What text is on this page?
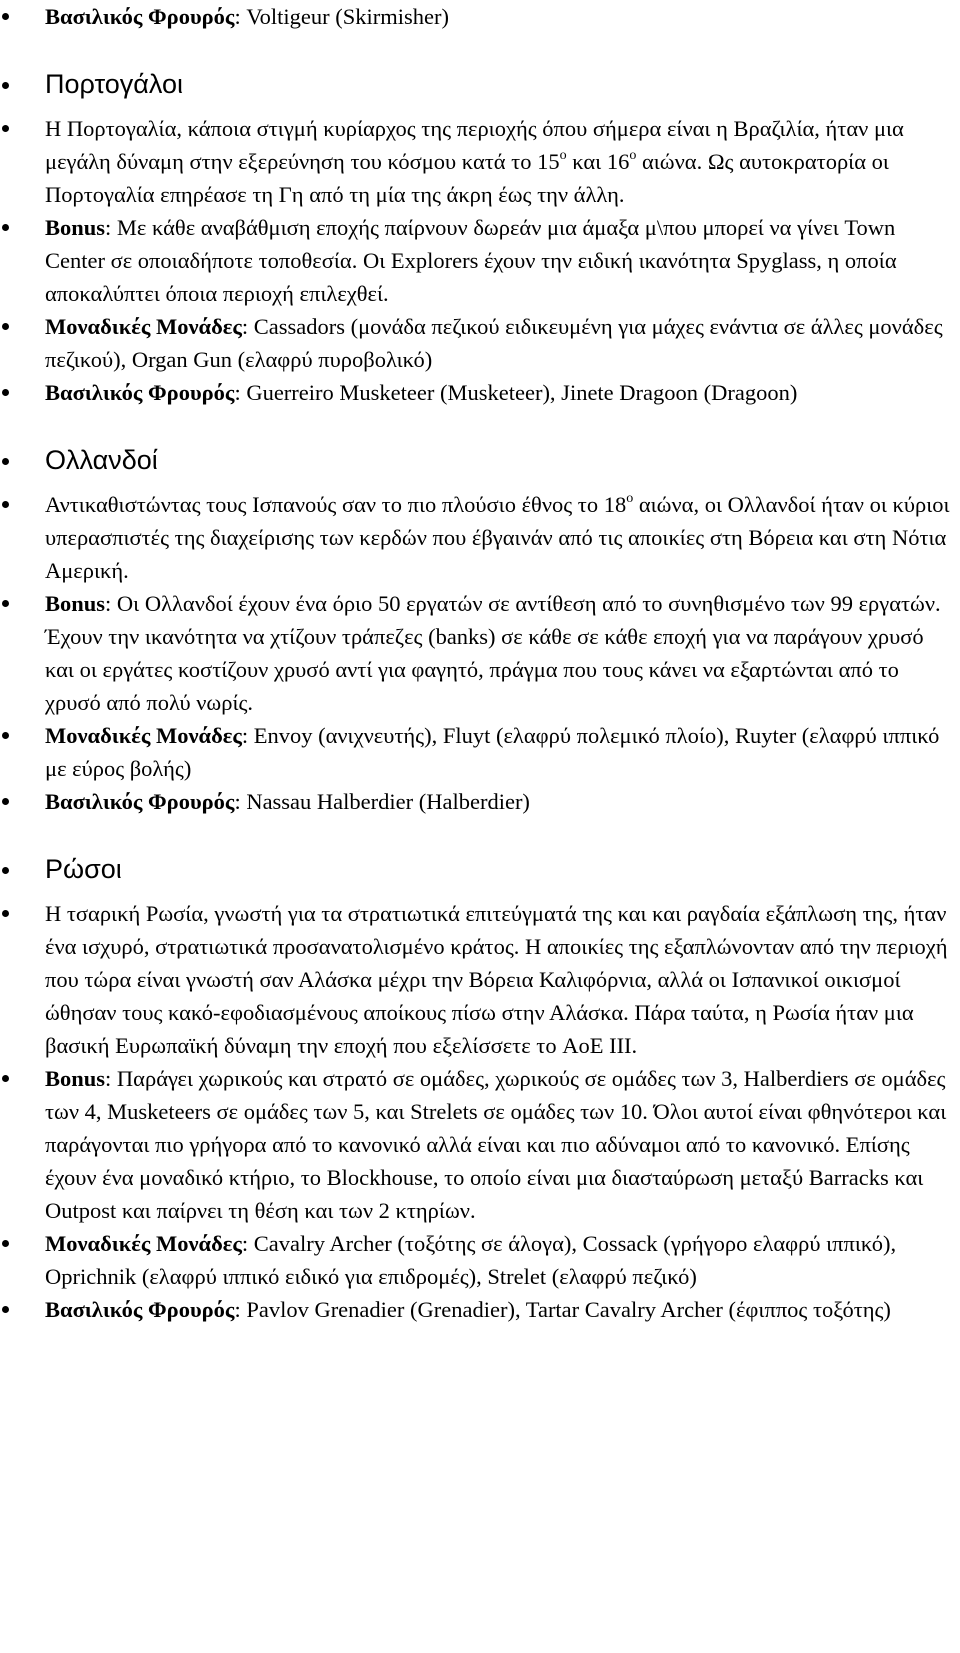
Βασιλικός Φρουρός: Voltigeur (Skirmisher)
Πορτογάλοι
Η Πορτογαλία, κάποια στιγμή κυρίαρχος της περιοχής όπου σήμερα είναι η Βραζιλία, ήταν μια μεγάλη δύναμη στην εξερεύνηση του κόσμου κατά το $15^o$ και $16^o$ αιώνα. Ως αυτοκρατορία οι Πορτογαλία επηρέασε τη Γη από τη μία της άκρη έως την άλλη.
Bonus: Με κάθε αναβάθμιση εποχής παίρνουν δωρεάν μια άμαξα μ\που μπορεί να γίνει Town Center σε οποιαδήποτε τοποθεσία. Οι Explorers έχουν την ειδική ικανότητα Spyglass, η οποία αποκαλύπτει όποια περιοχή επιλεχθεί.
Μοναδικές Μονάδες: Cassadors (μονάδα πεζικού ειδικευμένη για μάχες ενάντια σε άλλες μονάδες πεζικού), Organ Gun (ελαφρύ πυροβολικό)
Βασιλικός Φρουρός: Guerreiro Musketeer (Musketeer), Jinete Dragoon (Dragoon)
Ολλανδοί
Αντικαθιστώντας τους Ισπανούς σαν το πιο πλούσιο έθνος το $18^o$ αιώνα, οι Ολλανδοί ήταν οι κύριοι υπερασπιστές της διαχείρισης των κερδών που έβγαινάν από τις αποικίες στη Βόρεια και στη Νότια Αμερική.
Bonus: Οι Ολλανδοί έχουν ένα όριο 50 εργατών σε αντίθεση από το συνηθισμένο των 99 εργατών. Έχουν την ικανότητα να χτίζουν τράπεζες (banks) σε κάθε σε κάθε εποχή για να παράγουν χρυσό και οι εργάτες κοστίζουν χρυσό αντί για φαγητό, πράγμα που τους κάνει να εξαρτώνται από το χρυσό από πολύ νωρίς.
Μοναδικές Μονάδες: Envoy (ανιχνευτής), Fluyt (ελαφρύ πολεμικό πλοίο), Ruyter (ελαφρύ ιππικό με εύρος βολής)
Βασιλικός Φρουρός: Nassau Halberdier (Halberdier)
Ρώσοι
Η τσαρική Ρωσία, γνωστή για τα στρατιωτικά επιτεύγματά της και και ραγδαία εξάπλωση της, ήταν ένα ισχυρό, στρατιωτικά προσανατολισμένο κράτος. Η αποικίες της εξαπλώνονταν από την περιοχή που τώρα είναι γνωστή σαν Αλάσκα μέχρι την Βόρεια Καλιφόρνια, αλλά οι Ισπανικοί οικισμοί ώθησαν τους κακό-εφοδιασμένους αποίκους πίσω στην Αλάσκα. Πάρα ταύτα, η Ρωσία ήταν μια βασική Ευρωπαϊκή δύναμη την εποχή που εξελίσσετε το AoE III.
Bonus: Παράγει χωρικούς και στρατό σε ομάδες, χωρικούς σε ομάδες των 3, Halberdiers σε ομάδες των 4, Musketeers σε ομάδες των 5, και Strelets σε ομάδες των 10. Όλοι αυτοί είναι φθηνότεροι και παράγονται πιο γρήγορα από το κανονικό αλλά είναι και πιο αδύναμοι από το κανονικό. Επίσης έχουν ένα μοναδικό κτήριο, το Blockhouse, το οποίο είναι μια διασταύρωση μεταξύ Barracks και Outpost και παίρνει τη θέση και των 2 κτηρίων.
Μοναδικές Μονάδες: Cavalry Archer (τοξότης σε άλογα), Cossack (γρήγορο ελαφρύ ιππικό), Oprichnik (ελαφρύ ιππικό ειδικό για επιδρομές), Strelet (ελαφρύ πεζικό)
Βασιλικός Φρουρός: Pavlov Grenadier (Grenadier), Tartar Cavalry Archer (έφιππος τοξότης)
